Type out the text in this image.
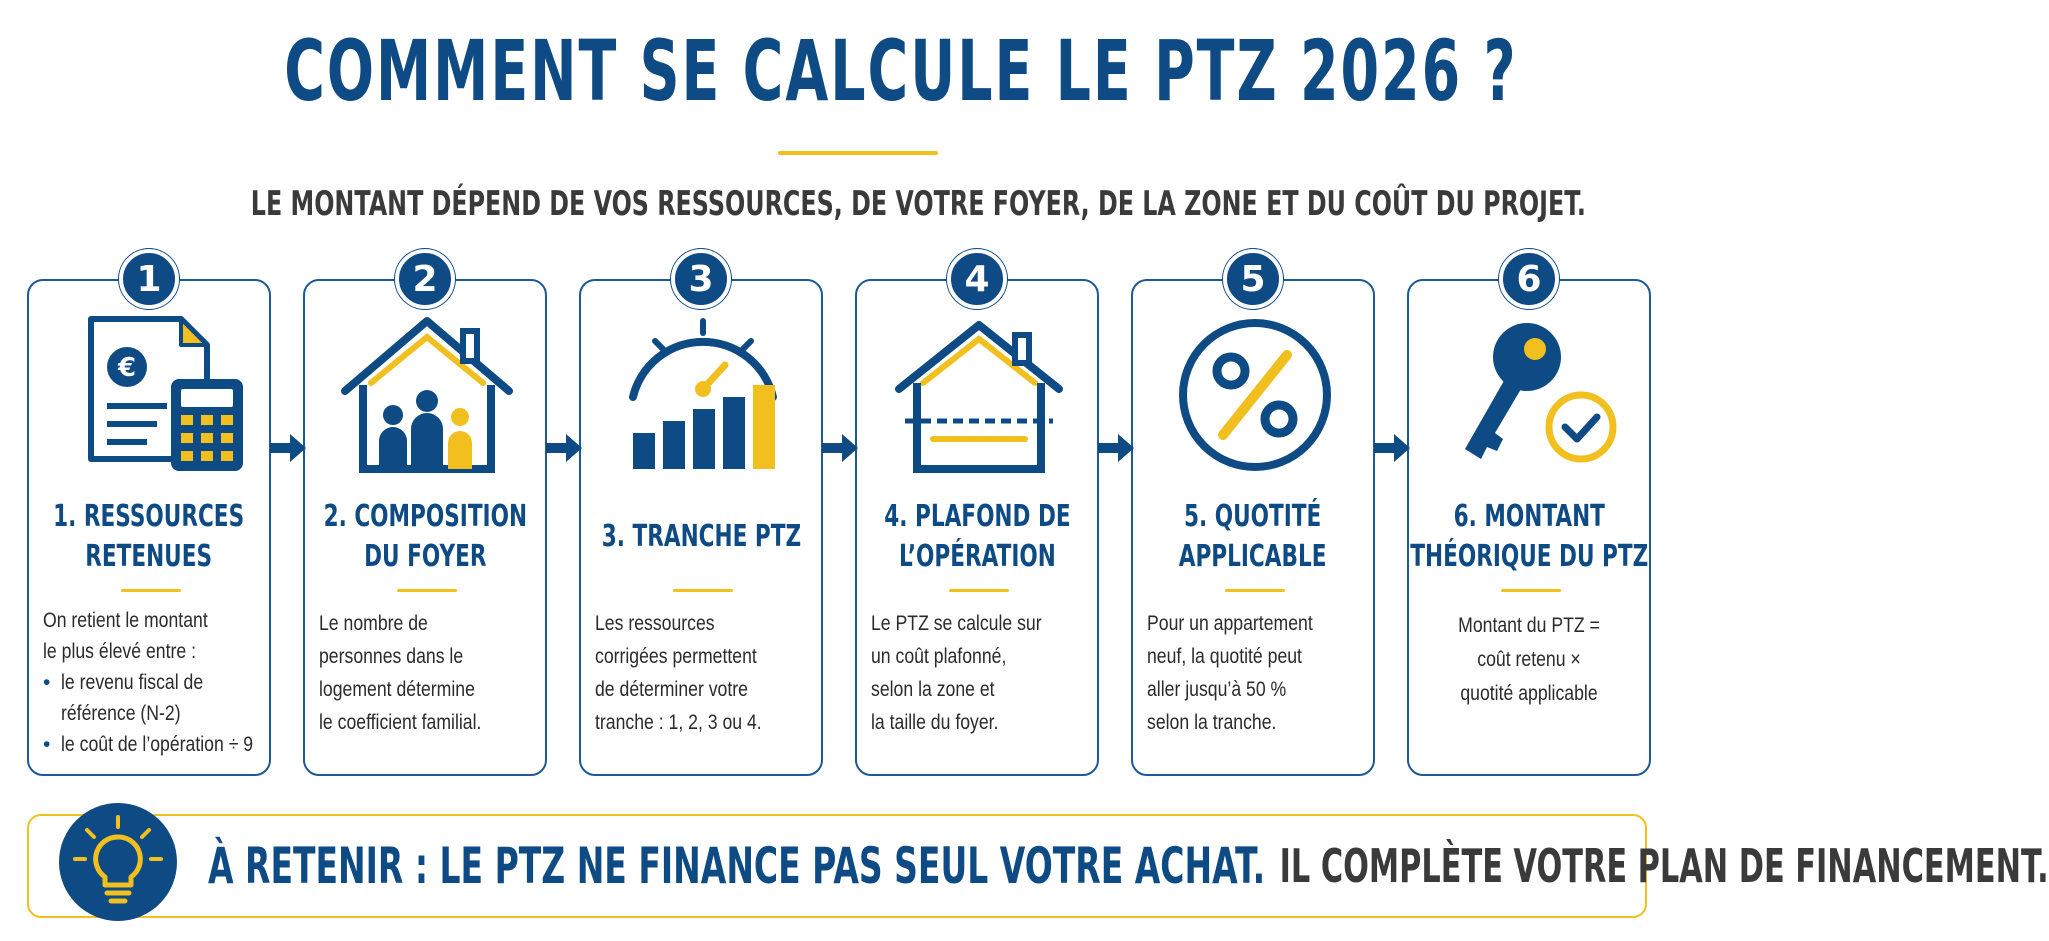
COMMENT SE CALCULE LE PTZ 2026 ?
LE MONTANT DÉPEND DE VOS RESSOURCES, DE VOTRE FOYER, DE LA ZONE ET DU COÛT DU PROJET.
€
1. RESSOURCES
RETENUES
On retient le montant
le plus élevé entre :
• le revenu fiscal de
référence (N-2)
• le coût de l’opération ÷ 9
1
2. COMPOSITION
DU FOYER
Le nombre de
personnes dans le
logement détermine
le coefficient familial.
2
3. TRANCHE PTZ
Les ressources
corrigées permettent
de déterminer votre
tranche : 1, 2, 3 ou 4.
3
4. PLAFOND DE
L’OPÉRATION
Le PTZ se calcule sur
un coût plafonné,
selon la zone et
la taille du foyer.
4
5. QUOTITÉ
APPLICABLE
Pour un appartement
neuf, la quotité peut
aller jusqu’à 50 %
selon la tranche.
5
6. MONTANT
THÉORIQUE DU PTZ
Montant du PTZ =
coût retenu ×
quotité applicable
6
À RETENIR : LE PTZ NE FINANCE PAS SEUL VOTRE ACHAT. IL COMPLÈTE VOTRE PLAN DE FINANCEMENT.
